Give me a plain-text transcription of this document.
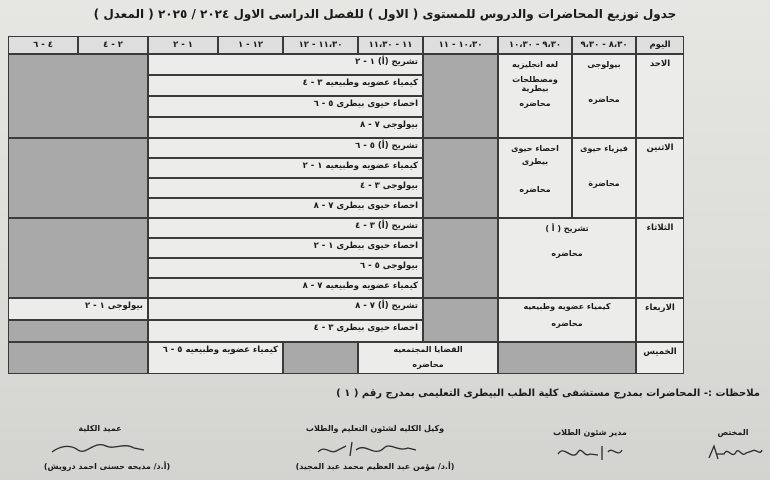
جدول توزيع المحاضرات والدروس للمستوى ( الاول ) للفصل الدراسى الاول ٢٠٢٤ / ٢٠٢٥ ( المعدل )
اليوم
٨،٣٠ - ٩،٣٠
٩،٣٠ - ١٠،٣٠
١٠،٣٠ - ١١
١١ - ١١،٣٠
١١،٣٠ - ١٢
١٢ - ١
١ - ٢
٢ - ٤
٤ - ٦
الاحد
بيولوجى
محاضره
لغه انجليزيه
ومصطلحات بيطرية
محاضره
تشريح (أ) ١ - ٢
كيمياء عضويه وطبيعيه ٣ - ٤
احصاء حيوى بيطرى ٥ - ٦
بيولوجى ٧ - ٨
الاثنين
فيزياء حيوى
محاضرة
احصاء حيوى
بيطرى
محاضره
تشريح (أ) ٥ - ٦
كيمياء عضويه وطبيعيه ١ - ٢
بيولوجى ٣ - ٤
احصاء حيوى بيطرى ٧ - ٨
الثلاثاء
تشريح ( أ )
محاضره
تشريح (أ) ٣ - ٤
احصاء حيوى بيطرى ١ - ٢
بيولوجى ٥ - ٦
كيمياء عضويه وطبيعيه ٧ - ٨
الاربعاء
كيمياء عضويه وطبيعيه
محاضره
تشريح (أ) ٧ - ٨
احصاء حيوى بيطرى ٣ - ٤
بيولوجى ١ - ٢
الخميس
القضايا المجتمعيه
محاضره
كيمياء عضويه وطبيعيه ٥ - ٦
ملاحظات :- المحاضرات بمدرج مستشفى كلية الطب البيطرى التعليمى بمدرج رقم ( ١ )
المختص
مدير شئون الطلاب
وكيل الكليه لشئون التعليم والطلاب
(أ.د/ مؤمن عبد العظيم محمد عبد المجيد)
عميد الكلية
(أ.د/ مديحه حسنى احمد درويش)
